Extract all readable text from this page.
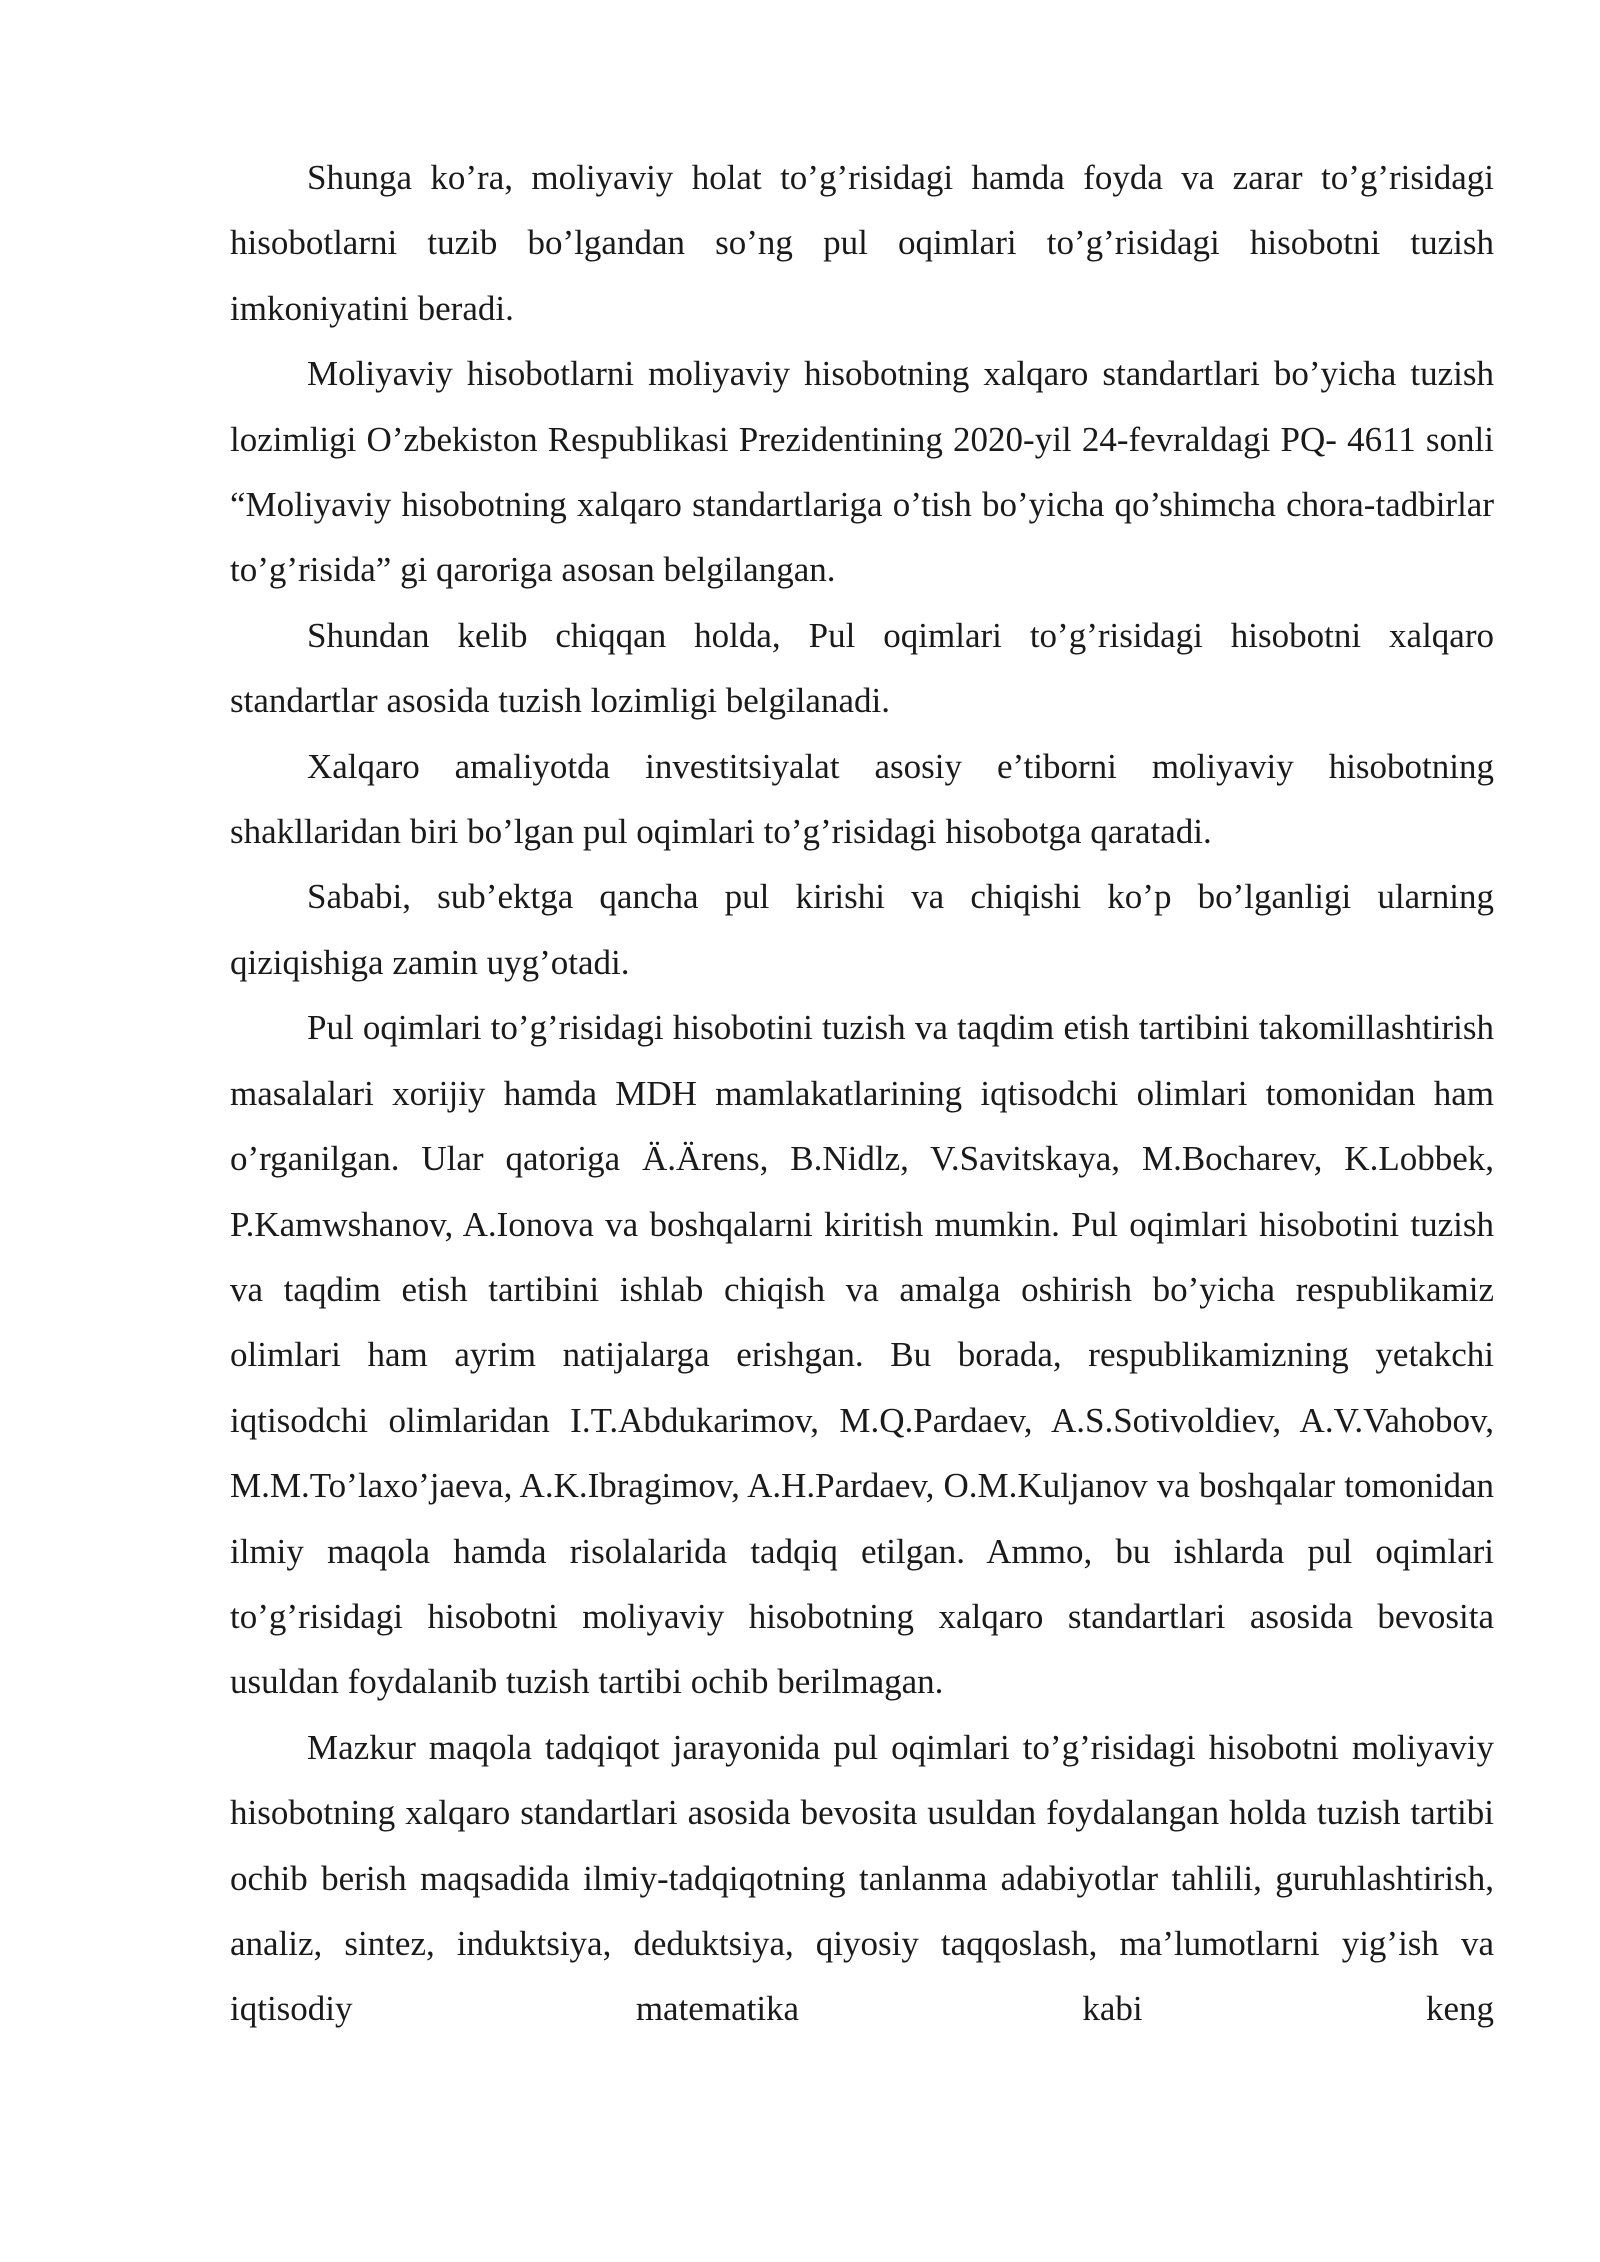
Shunga ko’ra, moliyaviy holat to’g’risidagi hamda foyda va zarar to’g’risidagi hisobotlarni tuzib bo’lgandan so’ng pul oqimlari to’g’risidagi hisobotni tuzish imkoniyatini beradi.

Moliyaviy hisobotlarni moliyaviy hisobotning xalqaro standartlari bo’yicha tuzish lozimligi O’zbekiston Respublikasi Prezidentining 2020-yil 24-fevraldagi PQ- 4611 sonli “Moliyaviy hisobotning xalqaro standartlariga o’tish bo’yicha qo’shimcha chora-tadbirlar to’g’risida” gi qaroriga asosan belgilangan.

Shundan kelib chiqqan holda, Pul oqimlari to’g’risidagi hisobotni xalqaro standartlar asosida tuzish lozimligi belgilanadi.

Xalqaro amaliyotda investitsiyalat asosiy e’tiborni moliyaviy hisobotning shakllaridan biri bo’lgan pul oqimlari to’g’risidagi hisobotga qaratadi.

Sababi, sub’ektga qancha pul kirishi va chiqishi ko’p bo’lganligi ularning qiziqishiga zamin uyg’otadi.

Pul oqimlari to’g’risidagi hisobotini tuzish va taqdim etish tartibini takomillashtirish masalalari xorijiy hamda MDH mamlakatlarining iqtisodchi olimlari tomonidan ham o’rganilgan. Ular qatoriga Ä.Ärens, B.Nidlz, V.Savitskaya, M.Bocharev, K.Lobbek, P.Kamwshanov, A.Ionova va boshqalarni kiritish mumkin. Pul oqimlari hisobotini tuzish va taqdim etish tartibini ishlab chiqish va amalga oshirish bo’yicha respublikamiz olimlari ham ayrim natijalarga erishgan. Bu borada, respublikamizning yetakchi iqtisodchi olimlaridan I.T.Abdukarimov, M.Q.Pardaev, A.S.Sotivoldiev, A.V.Vahobov, M.M.To’laxo’jaeva, A.K.Ibragimov, A.H.Pardaev, O.M.Kuljanov va boshqalar tomonidan ilmiy maqola hamda risolalarida tadqiq etilgan. Ammo, bu ishlarda pul oqimlari to’g’risidagi hisobotni moliyaviy hisobotning xalqaro standartlari asosida bevosita usuldan foydalanib tuzish tartibi ochib berilmagan.

Mazkur maqola tadqiqot jarayonida pul oqimlari to’g’risidagi hisobotni moliyaviy hisobotning xalqaro standartlari asosida bevosita usuldan foydalangan holda tuzish tartibi ochib berish maqsadida ilmiy-tadqiqotning tanlanma adabiyotlar tahlili, guruhlashtirish, analiz, sintez, induktsiya, deduktsiya, qiyosiy taqqoslash, ma’lumotlarni yig’ish va iqtisodiy matematika kabi keng
